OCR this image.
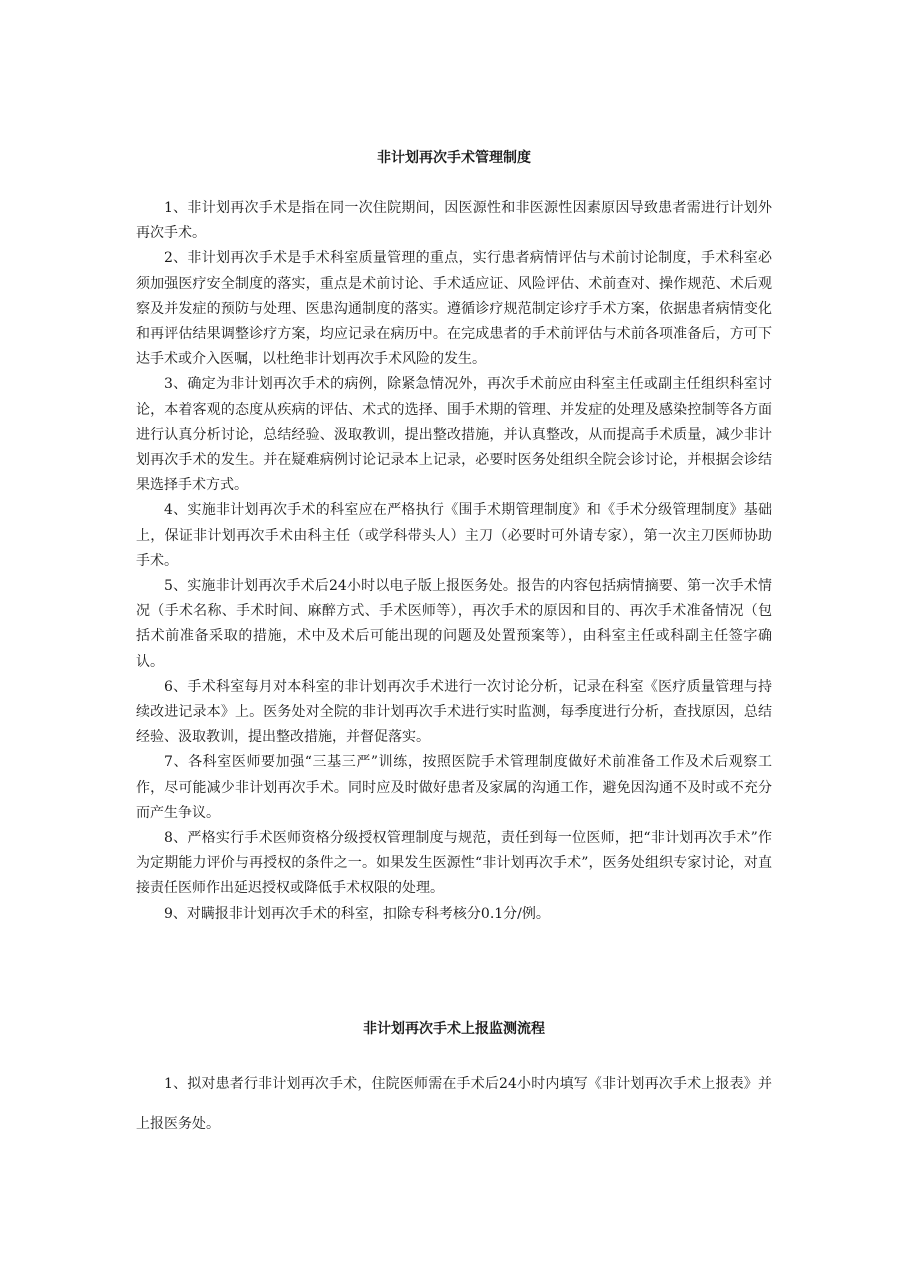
非计划再次手术管理制度

1、非计划再次手术是指在同一次住院期间，因医源性和非医源性因素原因导致患者需进行计划外再次手术。

2、非计划再次手术是手术科室质量管理的重点，实行患者病情评估与术前讨论制度，手术科室必须加强医疗安全制度的落实，重点是术前讨论、手术适应证、风险评估、术前查对、操作规范、术后观察及并发症的预防与处理、医患沟通制度的落实。遵循诊疗规范制定诊疗手术方案，依据患者病情变化和再评估结果调整诊疗方案，均应记录在病历中。在完成患者的手术前评估与术前各项准备后，方可下达手术或介入医嘱，以杜绝非计划再次手术风险的发生。

3、确定为非计划再次手术的病例，除紧急情况外，再次手术前应由科室主任或副主任组织科室讨论，本着客观的态度从疾病的评估、术式的选择、围手术期的管理、并发症的处理及感染控制等各方面进行认真分析讨论，总结经验、汲取教训，提出整改措施，并认真整改，从而提高手术质量，减少非计划再次手术的发生。并在疑难病例讨论记录本上记录，必要时医务处组织全院会诊讨论，并根据会诊结果选择手术方式。

4、实施非计划再次手术的科室应在严格执行《围手术期管理制度》和《手术分级管理制度》基础上，保证非计划再次手术由科主任（或学科带头人）主刀（必要时可外请专家），第一次主刀医师协助手术。

5、实施非计划再次手术后24小时以电子版上报医务处。报告的内容包括病情摘要、第一次手术情况（手术名称、手术时间、麻醉方式、手术医师等），再次手术的原因和目的、再次手术准备情况（包括术前准备采取的措施，术中及术后可能出现的问题及处置预案等），由科室主任或科副主任签字确认。

6、手术科室每月对本科室的非计划再次手术进行一次讨论分析，记录在科室《医疗质量管理与持续改进记录本》上。医务处对全院的非计划再次手术进行实时监测，每季度进行分析，查找原因，总结经验、汲取教训，提出整改措施，并督促落实。

7、各科室医师要加强“三基三严”训练，按照医院手术管理制度做好术前准备工作及术后观察工作，尽可能减少非计划再次手术。同时应及时做好患者及家属的沟通工作，避免因沟通不及时或不充分而产生争议。

8、严格实行手术医师资格分级授权管理制度与规范，责任到每一位医师，把“非计划再次手术”作为定期能力评价与再授权的条件之一。如果发生医源性“非计划再次手术”，医务处组织专家讨论，对直接责任医师作出延迟授权或降低手术权限的处理。

9、对瞒报非计划再次手术的科室，扣除专科考核分0.1分/例。

非计划再次手术上报监测流程

1、拟对患者行非计划再次手术，住院医师需在手术后24小时内填写《非计划再次手术上报表》并上报医务处。
